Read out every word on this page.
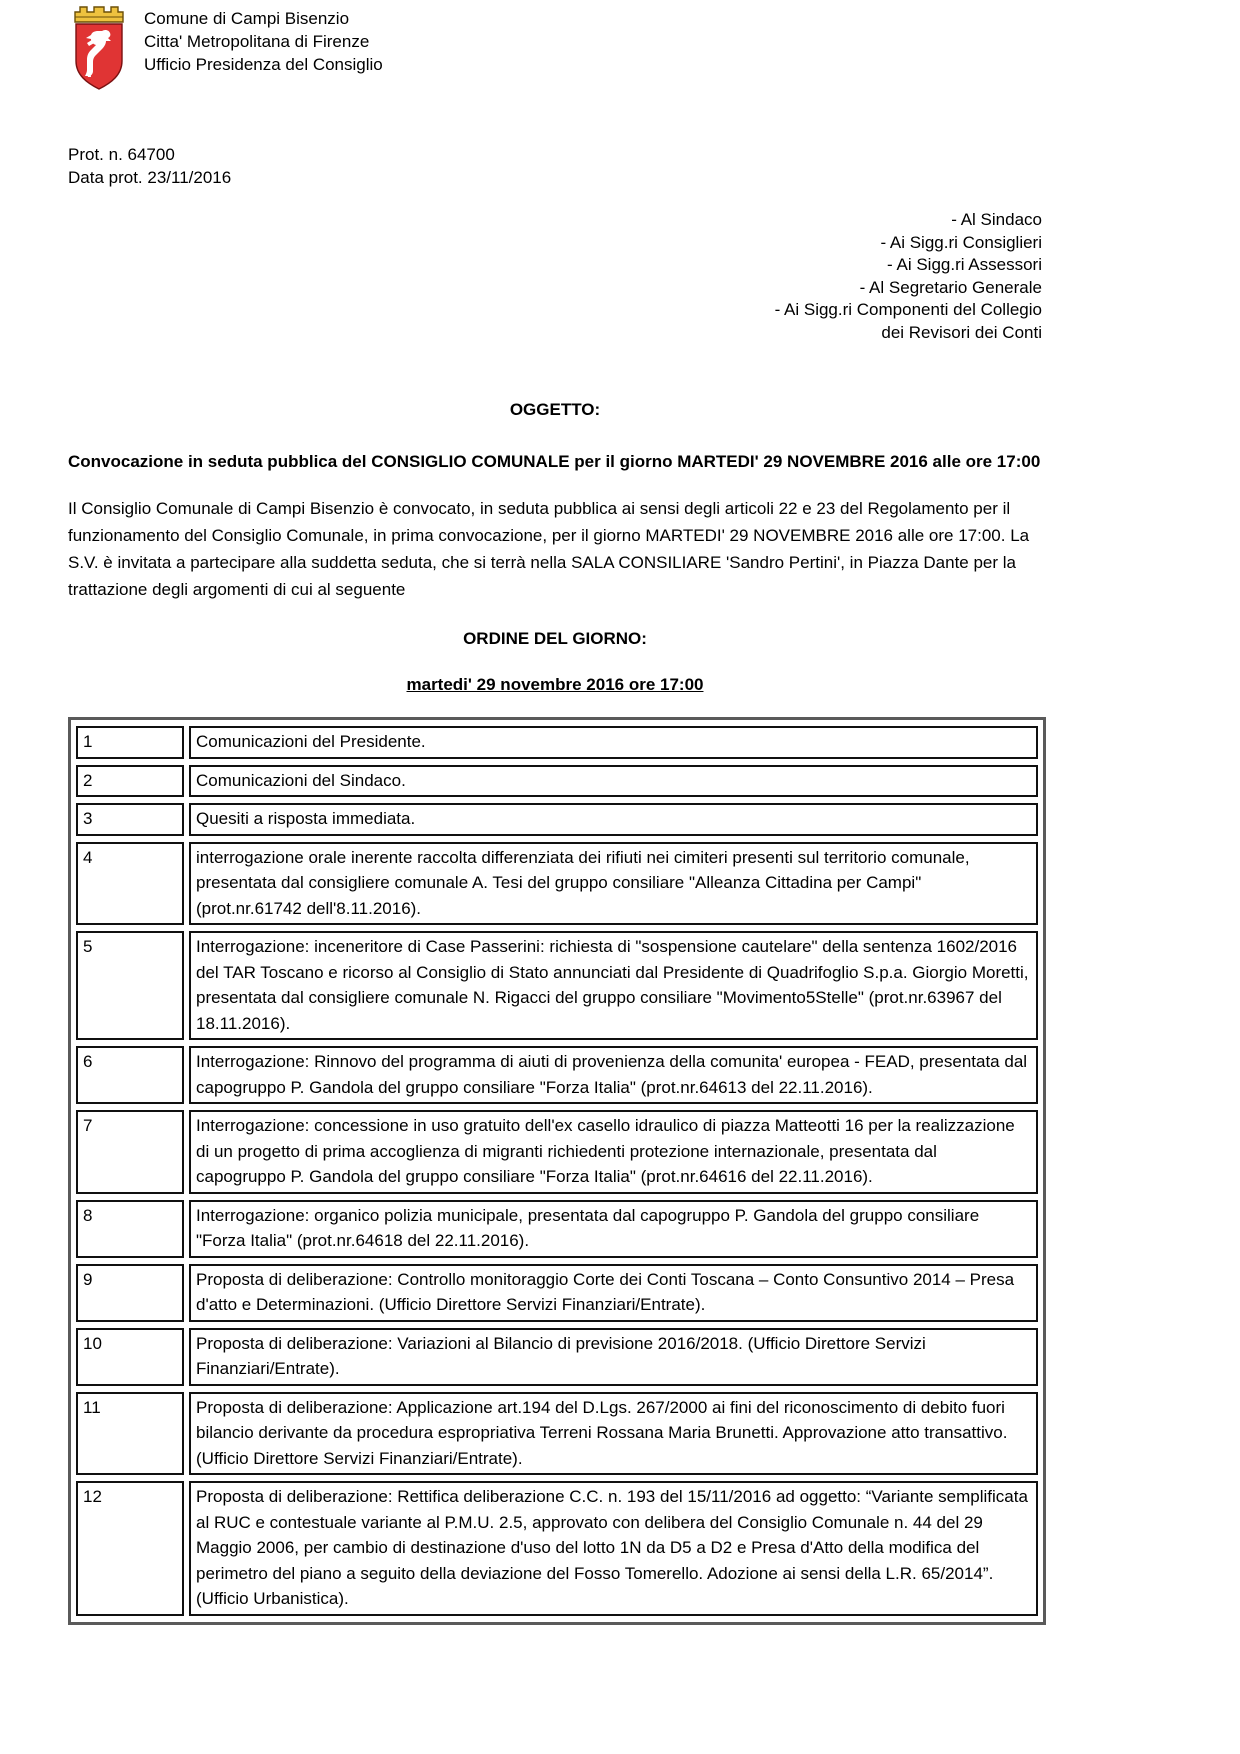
Comune di Campi Bisenzio
Citta' Metropolitana di Firenze
Ufficio Presidenza del Consiglio
Prot. n. 64700
Data prot. 23/11/2016
- Al Sindaco
- Ai Sigg.ri Consiglieri
- Ai Sigg.ri Assessori
- Al Segretario Generale
- Ai Sigg.ri Componenti del Collegio
dei Revisori dei Conti
OGGETTO:
Convocazione in seduta pubblica del CONSIGLIO COMUNALE per il giorno MARTEDI' 29 NOVEMBRE 2016 alle ore 17:00
Il Consiglio Comunale di Campi Bisenzio è convocato, in seduta pubblica ai sensi degli articoli 22 e 23 del Regolamento per il funzionamento del Consiglio Comunale, in prima convocazione, per il giorno MARTEDI' 29 NOVEMBRE 2016 alle ore 17:00. La S.V. è invitata a partecipare alla suddetta seduta, che si terrà nella SALA CONSILIARE 'Sandro Pertini', in Piazza Dante per la trattazione degli argomenti di cui al seguente
ORDINE DEL GIORNO:
martedi' 29 novembre 2016 ore 17:00
1	Comunicazioni del Presidente.
2	Comunicazioni del Sindaco.
3	Quesiti a risposta immediata.
4	interrogazione orale inerente raccolta differenziata dei rifiuti nei cimiteri presenti sul territorio comunale, presentata dal consigliere comunale A. Tesi del gruppo consiliare "Alleanza Cittadina per Campi" (prot.nr.61742 dell'8.11.2016).
5	Interrogazione: inceneritore di Case Passerini: richiesta di "sospensione cautelare" della sentenza 1602/2016 del TAR Toscano e ricorso al Consiglio di Stato annunciati dal Presidente di Quadrifoglio S.p.a. Giorgio Moretti, presentata dal consigliere comunale N. Rigacci del gruppo consiliare "Movimento5Stelle" (prot.nr.63967 del 18.11.2016).
6	Interrogazione: Rinnovo del programma di aiuti di provenienza della comunita' europea - FEAD, presentata dal capogruppo P. Gandola del gruppo consiliare "Forza Italia" (prot.nr.64613 del 22.11.2016).
7	Interrogazione: concessione in uso gratuito dell'ex casello idraulico di piazza Matteotti 16 per la realizzazione di un progetto di prima accoglienza di migranti richiedenti protezione internazionale, presentata dal capogruppo P. Gandola del gruppo consiliare "Forza Italia" (prot.nr.64616 del 22.11.2016).
8	Interrogazione: organico polizia municipale, presentata dal capogruppo P. Gandola del gruppo consiliare "Forza Italia" (prot.nr.64618 del 22.11.2016).
9	Proposta di deliberazione: Controllo monitoraggio Corte dei Conti Toscana – Conto Consuntivo 2014 – Presa d'atto e Determinazioni. (Ufficio Direttore Servizi Finanziari/Entrate).
10	Proposta di deliberazione: Variazioni al Bilancio di previsione 2016/2018. (Ufficio Direttore Servizi Finanziari/Entrate).
11	Proposta di deliberazione: Applicazione art.194 del D.Lgs. 267/2000 ai fini del riconoscimento di debito fuori bilancio derivante da procedura espropriativa Terreni Rossana Maria Brunetti. Approvazione atto transattivo. (Ufficio Direttore Servizi Finanziari/Entrate).
12	Proposta di deliberazione: Rettifica deliberazione C.C. n. 193 del 15/11/2016 ad oggetto: “Variante semplificata al RUC e contestuale variante al P.M.U. 2.5, approvato con delibera del Consiglio Comunale n. 44 del 29 Maggio 2006, per cambio di destinazione d'uso del lotto 1N da D5 a D2 e Presa d'Atto della modifica del perimetro del piano a seguito della deviazione del Fosso Tomerello. Adozione ai sensi della L.R. 65/2014”. (Ufficio Urbanistica).
